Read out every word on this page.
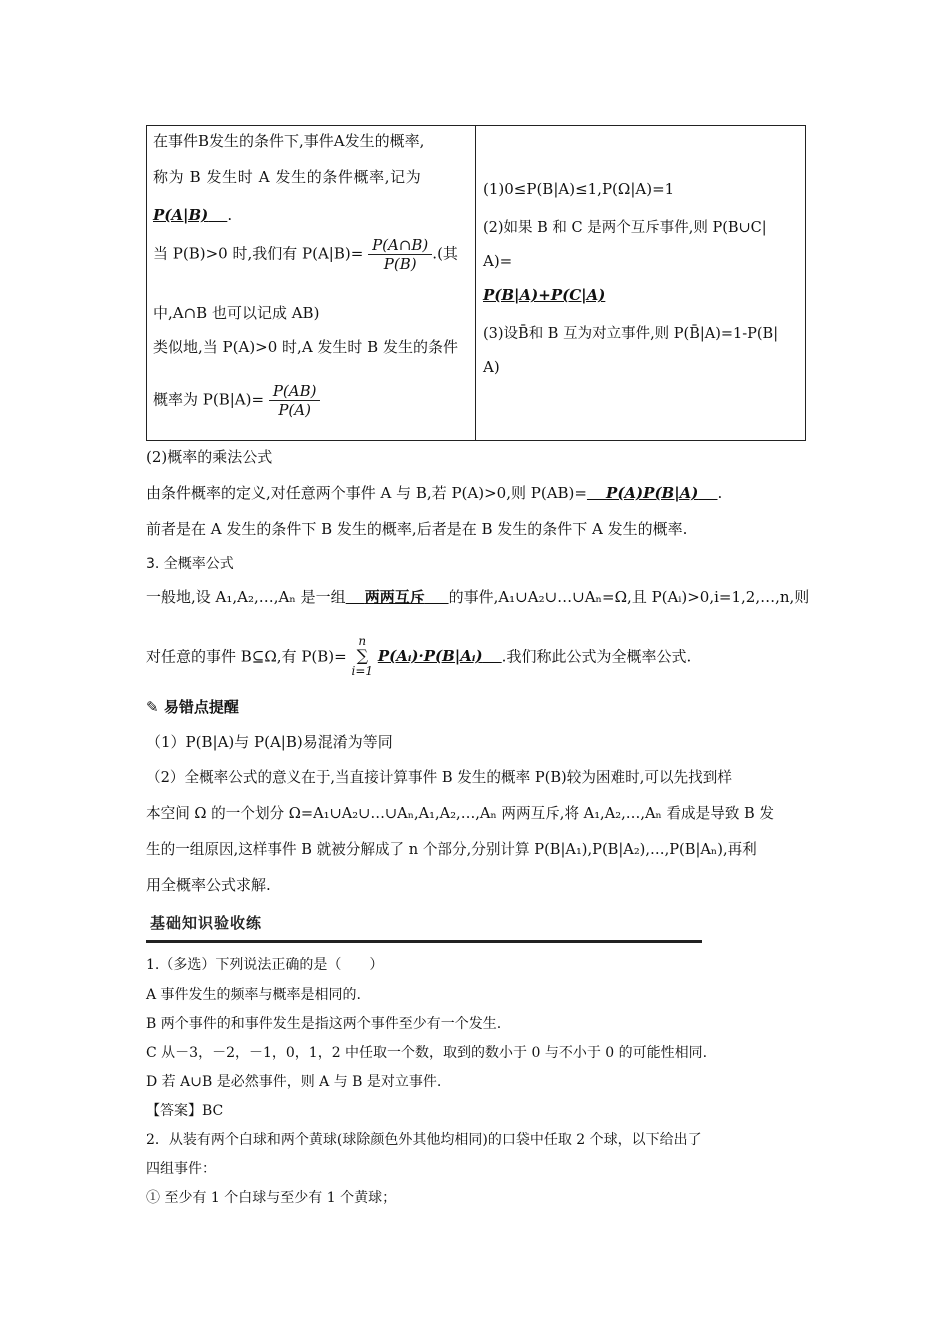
在事件B发生的条件下,事件A发生的概率,
称为 B 发生时 A 发生的条件概率,记为
P(A|B) .
当 P(B)>0 时,我们有 $P(A|B)= \frac{P(A\cap B)}{P(B)}$ .(其
中,A∩B 也可以记成 AB)
类似地,当 P(A)>0 时,A 发生时 B 发生的条件
概率为 $P(B|A)= \frac{P(AB)}{P(A)}$
(1)0≤P(B|A)≤1,P(Ω|A)=1
(2)如果 B 和 C 是两个互斥事件,则 P(B∪C|
A)=
P(B|A)+P(C|A)
(3)设B̄和 B 互为对立事件,则 P(B̄|A)=1-P(B|
A)
(2)概率的乘法公式
由条件概率的定义,对任意两个事件 A 与 B,若 P(A)>0,则 P(AB)= P(A)P(B|A) .
前者是在 A 发生的条件下 B 发生的概率,后者是在 B 发生的条件下 A 发生的概率.
3. 全概率公式
一般地,设 A₁,A₂,…,Aₙ 是一组 两两互斥 的事件,A₁∪A₂∪…∪Aₙ=Ω,且 P(Aᵢ)>0,i=1,2,…,n,则
对任意的事件 B⊆Ω,有 P(B)=
n
∑
i=1
P(Aᵢ)·P(B|Aᵢ) .我们称此公式为全概率公式.
✎ 易错点提醒
（1）P(B|A)与 P(A|B)易混淆为等同
（2）全概率公式的意义在于,当直接计算事件 B 发生的概率 P(B)较为困难时,可以先找到样
本空间 Ω 的一个划分 Ω=A₁∪A₂∪…∪Aₙ,A₁,A₂,…,Aₙ 两两互斥,将 A₁,A₂,…,Aₙ 看成是导致 B 发
生的一组原因,这样事件 B 就被分解成了 n 个部分,分别计算 P(B|A₁),P(B|A₂),…,P(B|Aₙ),再利
用全概率公式求解.
基础知识验收练
1.（多选）下列说法正确的是（　　）
A 事件发生的频率与概率是相同的.
B 两个事件的和事件发生是指这两个事件至少有一个发生.
C 从－3，－2，－1，0，1，2 中任取一个数，取到的数小于 0 与不小于 0 的可能性相同.
D 若 A∪B 是必然事件，则 A 与 B 是对立事件.
【答案】BC
2．从装有两个白球和两个黄球(球除颜色外其他均相同)的口袋中任取 2 个球，以下给出了
四组事件：
① 至少有 1 个白球与至少有 1 个黄球；
